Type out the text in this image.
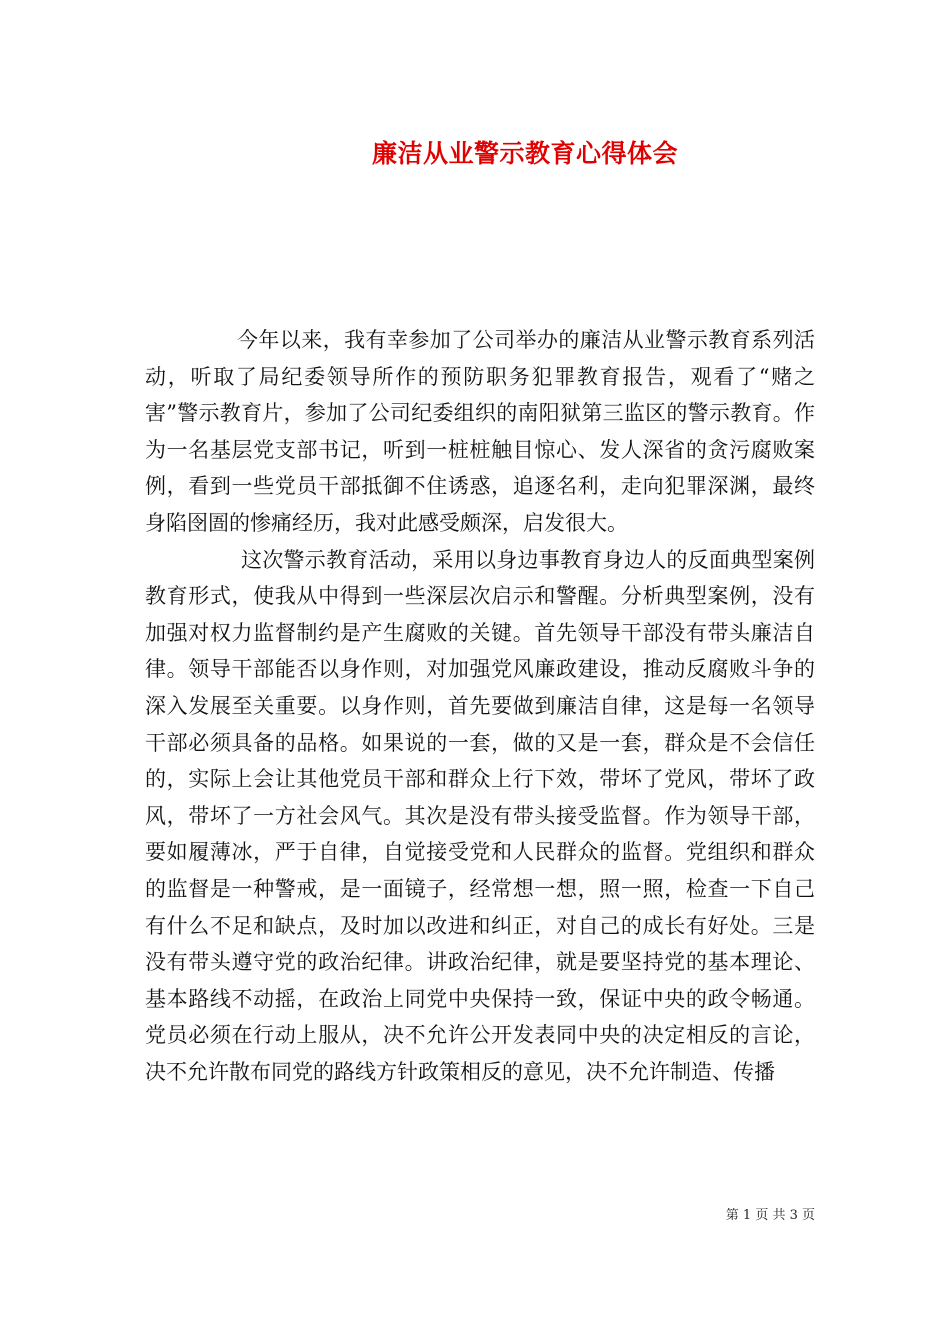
廉洁从业警示教育心得体会

今年以来，我有幸参加了公司举办的廉洁从业警示教育系列活动，听取了局纪委领导所作的预防职务犯罪教育报告，观看了“赌之害”警示教育片，参加了公司纪委组织的南阳狱第三监区的警示教育。作为一名基层党支部书记，听到一桩桩触目惊心、发人深省的贪污腐败案例，看到一些党员干部抵御不住诱惑，追逐名利，走向犯罪深渊，最终身陷囹圄的惨痛经历，我对此感受颇深，启发很大。

这次警示教育活动，采用以身边事教育身边人的反面典型案例教育形式，使我从中得到一些深层次启示和警醒。分析典型案例，没有加强对权力监督制约是产生腐败的关键。首先领导干部没有带头廉洁自律。领导干部能否以身作则，对加强党风廉政建设，推动反腐败斗争的深入发展至关重要。以身作则，首先要做到廉洁自律，这是每一名领导干部必须具备的品格。如果说的一套，做的又是一套，群众是不会信任的，实际上会让其他党员干部和群众上行下效，带坏了党风，带坏了政风，带坏了一方社会风气。其次是没有带头接受监督。作为领导干部，要如履薄冰，严于自律，自觉接受党和人民群众的监督。党组织和群众的监督是一种警戒，是一面镜子，经常想一想，照一照，检查一下自己有什么不足和缺点，及时加以改进和纠正，对自己的成长有好处。三是没有带头遵守党的政治纪律。讲政治纪律，就是要坚持党的基本理论、基本路线不动摇，在政治上同党中央保持一致，保证中央的政令畅通。党员必须在行动上服从，决不允许公开发表同中央的决定相反的言论，决不允许散布同党的路线方针政策相反的意见，决不允许制造、传播

第 1 页 共 3 页
